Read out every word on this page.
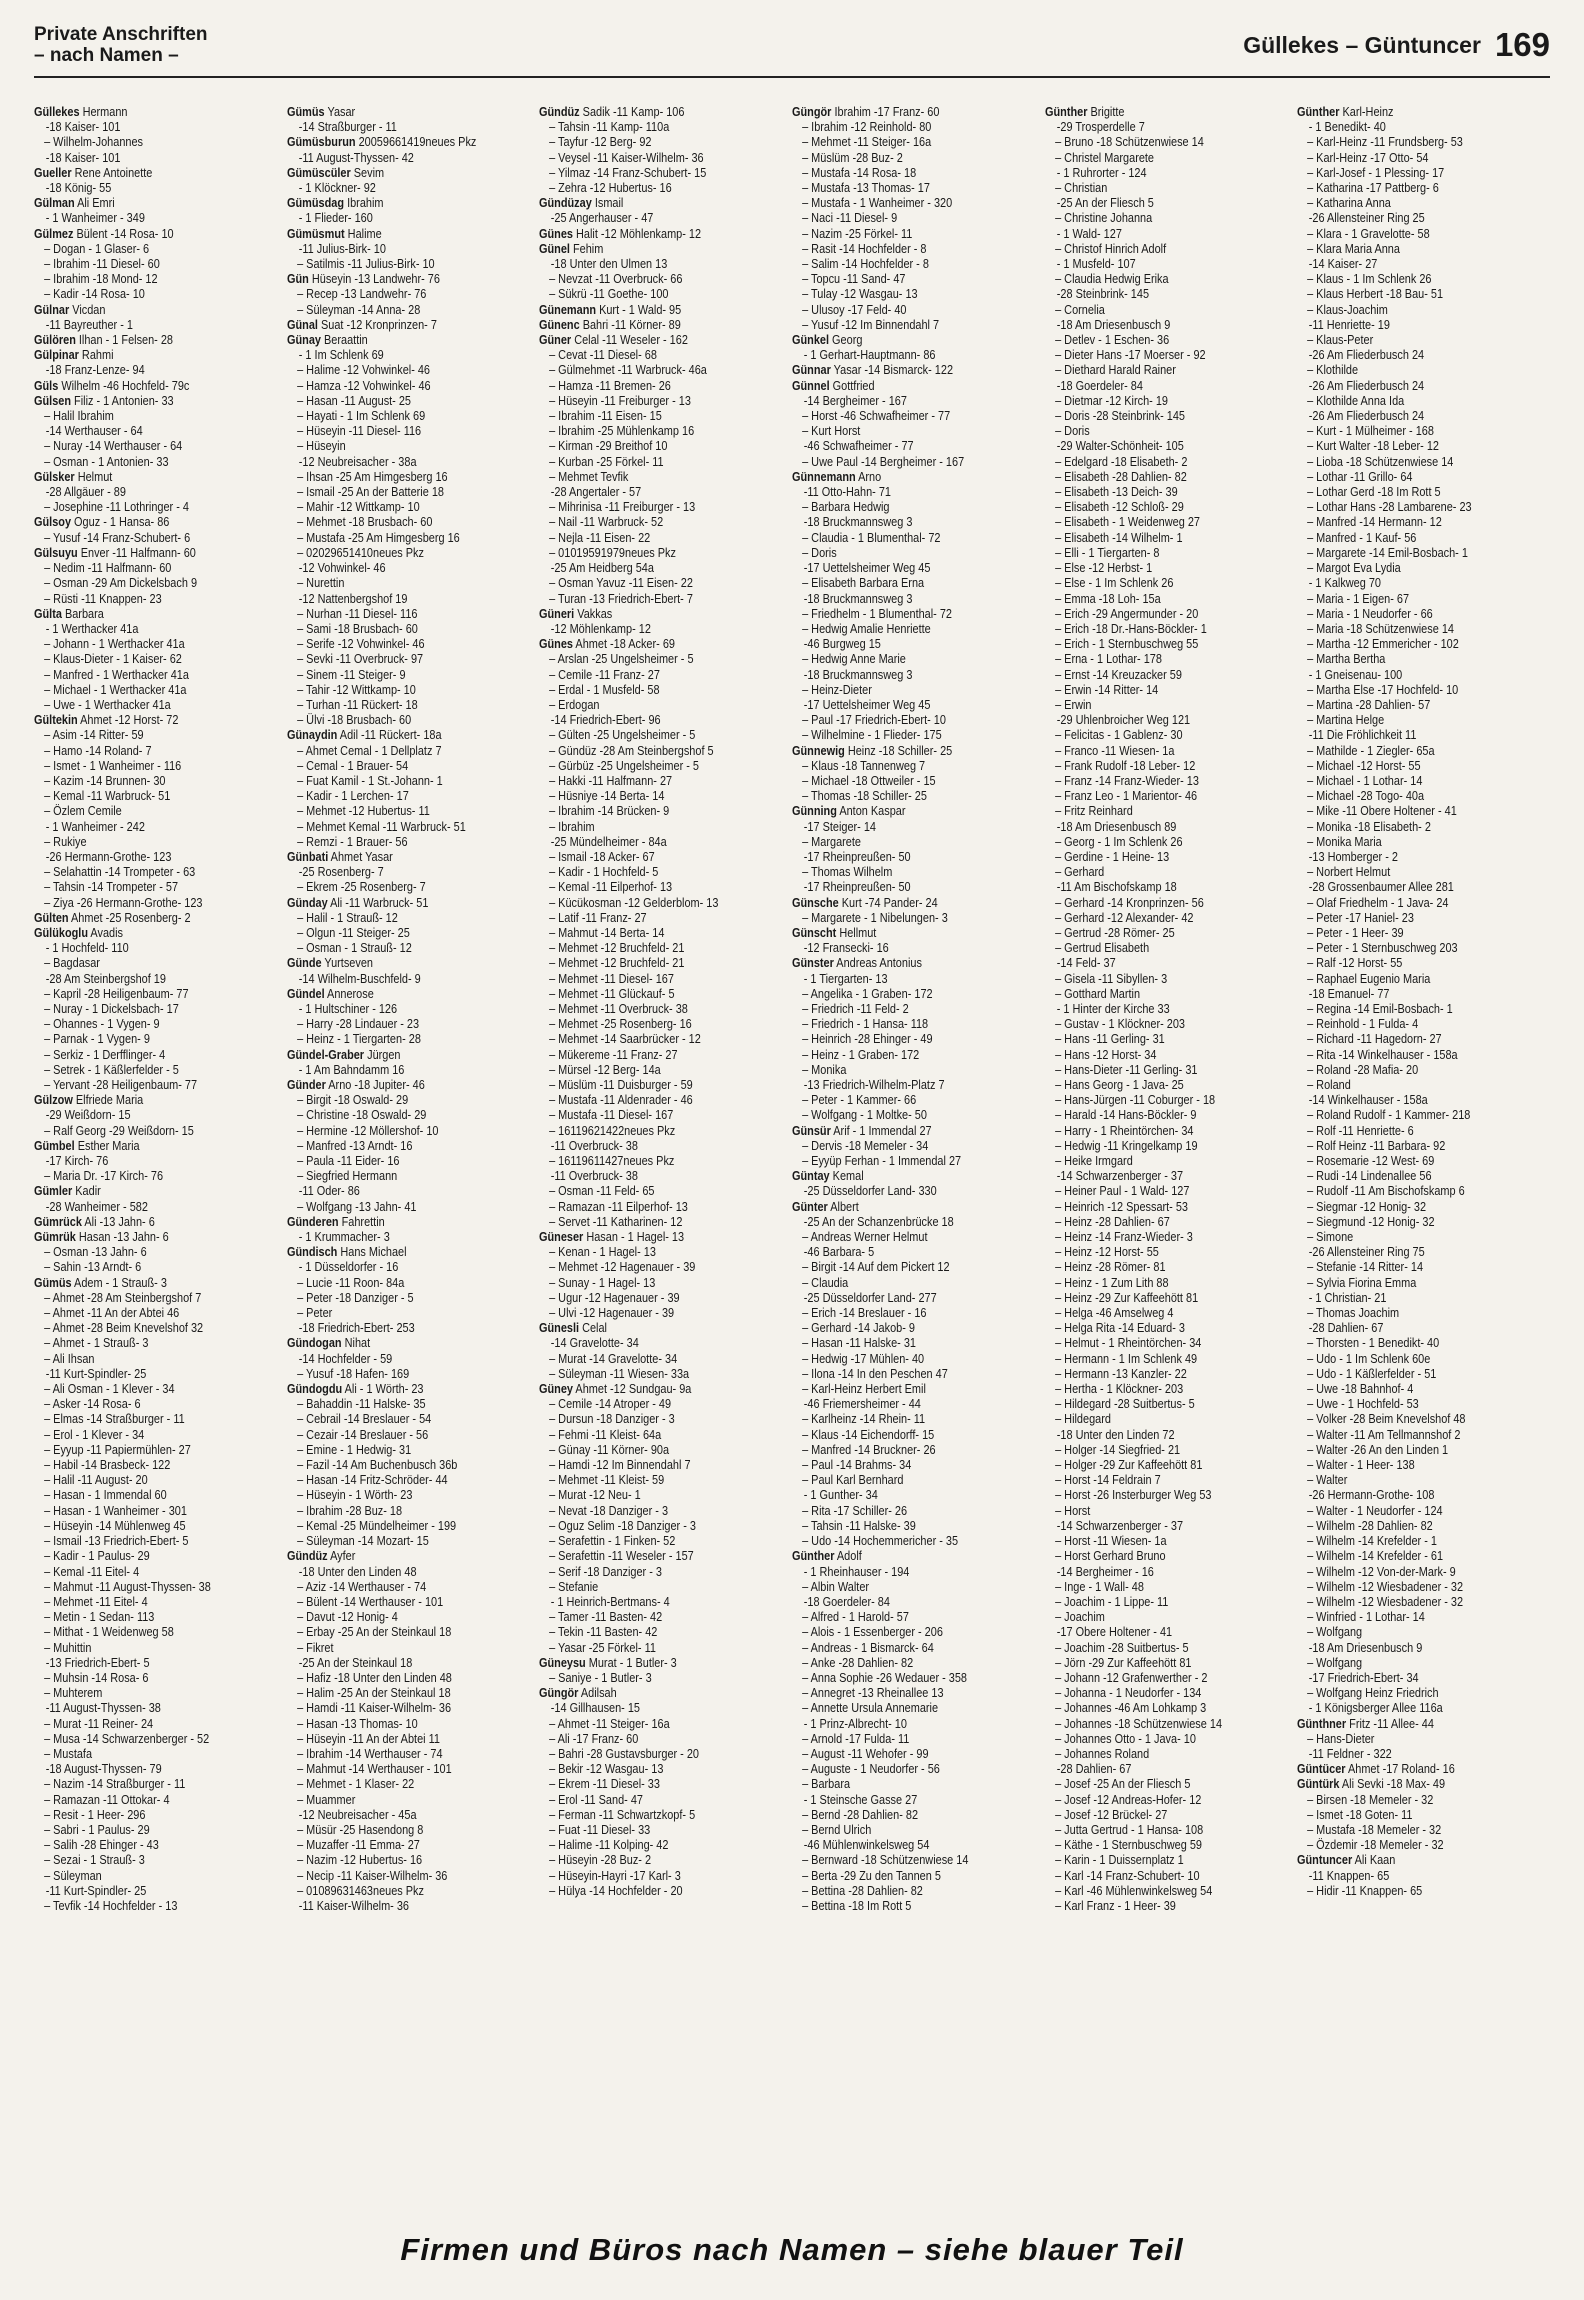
Private Anschriften
– nach Namen –	Güllekes – Güntuncer 169
Güllekes Hermann
-18 Kaiser- 101
– Wilhelm-Johannes
-18 Kaiser- 101
Gueller Rene Antoinette
-18 König- 55
Gülman Ali Emri
- 1 Wanheimer - 349
Gülmez Bülent -14 Rosa- 10
– Dogan - 1 Glaser- 6
– Ibrahim -11 Diesel- 60
– Ibrahim -18 Mond- 12
– Kadir -14 Rosa- 10
Gülnar Vicdan
-11 Bayreuther - 1
Gülören Ilhan - 1 Felsen- 28
Gülpinar Rahmi
-18 Franz-Lenze- 94
Güls Wilhelm -46 Hochfeld- 79c
Gülsen Filiz - 1 Antonien- 33
– Halil Ibrahim
-14 Werthauser - 64
– Nuray -14 Werthauser - 64
– Osman - 1 Antonien- 33
Gülsker Helmut
-28 Allgäuer - 89
– Josephine -11 Lothringer - 4
Gülsoy Oguz - 1 Hansa- 86
– Yusuf -14 Franz-Schubert- 6
Gülsuyu Enver -11 Halfmann- 60
– Nedim -11 Halfmann- 60
– Osman -29 Am Dickelsbach 9
– Rüsti -11 Knappen- 23
Gülta Barbara
- 1 Werthacker 41a
– Johann - 1 Werthacker 41a
– Klaus-Dieter - 1 Kaiser- 62
– Manfred - 1 Werthacker 41a
– Michael - 1 Werthacker 41a
– Uwe - 1 Werthacker 41a
Gültekin Ahmet -12 Horst- 72
– Asim -14 Ritter- 59
– Hamo -14 Roland- 7
– Ismet - 1 Wanheimer - 116
– Kazim -14 Brunnen- 30
– Kemal -11 Warbruck- 51
– Özlem Cemile
- 1 Wanheimer - 242
– Rukiye
-26 Hermann-Grothe- 123
– Selahattin -14 Trompeter - 63
– Tahsin -14 Trompeter - 57
– Ziya -26 Hermann-Grothe- 123
Gülten Ahmet -25 Rosenberg- 2
Gülükoglu Avadis
- 1 Hochfeld- 110
– Bagdasar
-28 Am Steinbergshof 19
– Kapril -28 Heiligenbaum- 77
– Nuray - 1 Dickelsbach- 17
– Ohannes - 1 Vygen- 9
– Parnak - 1 Vygen- 9
– Serkiz - 1 Derfflinger- 4
– Setrek - 1 Käßlerfelder - 5
– Yervant -28 Heiligenbaum- 77
Gülzow Elfriede Maria
-29 Weißdorn- 15
– Ralf Georg -29 Weißdorn- 15
Gümbel Esther Maria
-17 Kirch- 76
– Maria Dr. -17 Kirch- 76
Gümler Kadir
-28 Wanheimer - 582
Gümrück Ali -13 Jahn- 6
Gümrük Hasan -13 Jahn- 6
– Osman -13 Jahn- 6
– Sahin -13 Arndt- 6
Gümüs Adem - 1 Strauß- 3
– Ahmet -28 Am Steinbergshof 7
– Ahmet -11 An der Abtei 46
– Ahmet -28 Beim Knevelshof 32
– Ahmet - 1 Strauß- 3
– Ali Ihsan
-11 Kurt-Spindler- 25
– Ali Osman - 1 Klever - 34
– Asker -14 Rosa- 6
– Elmas -14 Straßburger - 11
– Erol - 1 Klever - 34
– Eyyup -11 Papiermühlen- 27
– Habil -14 Brasbeck- 122
– Halil -11 August- 20
– Hasan - 1 Immendal 60
– Hasan - 1 Wanheimer - 301
– Hüseyin -14 Mühlenweg 45
– Ismail -13 Friedrich-Ebert- 5
– Kadir - 1 Paulus- 29
– Kemal -11 Eitel- 4
– Mahmut -11 August-Thyssen- 38
– Mehmet -11 Eitel- 4
– Metin - 1 Sedan- 113
– Mithat - 1 Weidenweg 58
– Muhittin
-13 Friedrich-Ebert- 5
– Muhsin -14 Rosa- 6
– Muhterem
-11 August-Thyssen- 38
– Murat -11 Reiner- 24
– Musa -14 Schwarzenberger - 52
– Mustafa
-18 August-Thyssen- 79
– Nazim -14 Straßburger - 11
– Ramazan -11 Ottokar- 4
– Resit - 1 Heer- 296
– Sabri - 1 Paulus- 29
– Salih -28 Ehinger - 43
– Sezai - 1 Strauß- 3
– Süleyman
-11 Kurt-Spindler- 25
– Tevfik -14 Hochfelder - 13
Gümüs Yasar
-14 Straßburger - 11
Gümüsburun 20059661419neues Pkz
-11 August-Thyssen- 42
Gümüscüler Sevim
- 1 Klöckner- 92
Gümüsdag Ibrahim
- 1 Flieder- 160
Gümüsmut Halime
-11 Julius-Birk- 10
– Satilmis -11 Julius-Birk- 10
Gün Hüseyin -13 Landwehr- 76
– Recep -13 Landwehr- 76
– Süleyman -14 Anna- 28
Günal Suat -12 Kronprinzen- 7
Günay Beraattin
- 1 Im Schlenk 69
– Halime -12 Vohwinkel- 46
– Hamza -12 Vohwinkel- 46
– Hasan -11 August- 25
– Hayati - 1 Im Schlenk 69
– Hüseyin -11 Diesel- 116
– Hüseyin
-12 Neubreisacher - 38a
– Ihsan -25 Am Himgesberg 16
– Ismail -25 An der Batterie 18
– Mahir -12 Wittkamp- 10
– Mehmet -18 Brusbach- 60
– Mustafa -25 Am Himgesberg 16
– 02029651410neues Pkz
-12 Vohwinkel- 46
– Nurettin
-12 Nattenbergshof 19
– Nurhan -11 Diesel- 116
– Sami -18 Brusbach- 60
– Serife -12 Vohwinkel- 46
– Sevki -11 Overbruck- 97
– Sinem -11 Steiger- 9
– Tahir -12 Wittkamp- 10
– Turhan -11 Rückert- 18
– Ülvi -18 Brusbach- 60
Günaydin Adil -11 Rückert- 18a
– Ahmet Cemal - 1 Dellplatz 7
– Cemal - 1 Brauer- 54
– Fuat Kamil - 1 St.-Johann- 1
– Kadir - 1 Lerchen- 17
– Mehmet -12 Hubertus- 11
– Mehmet Kemal -11 Warbruck- 51
– Remzi - 1 Brauer- 56
Günbati Ahmet Yasar
-25 Rosenberg- 7
– Ekrem -25 Rosenberg- 7
Günday Ali -11 Warbruck- 51
– Halil - 1 Strauß- 12
– Olgun -11 Steiger- 25
– Osman - 1 Strauß- 12
Günde Yurtseven
-14 Wilhelm-Buschfeld- 9
Gündel Annerose
- 1 Hultschiner - 126
– Harry -28 Lindauer - 23
– Heinz - 1 Tiergarten- 28
Gündel-Graber Jürgen
- 1 Am Bahndamm 16
Günder Arno -18 Jupiter- 46
– Birgit -18 Oswald- 29
– Christine -18 Oswald- 29
– Hermine -12 Möllershof- 10
– Manfred -13 Arndt- 16
– Paula -11 Eider- 16
– Siegfried Hermann
-11 Oder- 86
– Wolfgang -13 Jahn- 41
Günderen Fahrettin
- 1 Krummacher- 3
Gündisch Hans Michael
- 1 Düsseldorfer - 16
– Lucie -11 Roon- 84a
– Peter -18 Danziger - 5
– Peter
-18 Friedrich-Ebert- 253
Gündogan Nihat
-14 Hochfelder - 59
– Yusuf -18 Hafen- 169
Gündogdu Ali - 1 Wörth- 23
– Bahaddin -11 Halske- 35
– Cebrail -14 Breslauer - 54
– Cezair -14 Breslauer - 56
– Emine - 1 Hedwig- 31
– Fazil -14 Am Buchenbusch 36b
– Hasan -14 Fritz-Schröder- 44
– Hüseyin - 1 Wörth- 23
– Ibrahim -28 Buz- 18
– Kemal -25 Mündelheimer - 199
– Süleyman -14 Mozart- 15
Gündüz Ayfer
-18 Unter den Linden 48
– Aziz -14 Werthauser - 74
– Bülent -14 Werthauser - 101
– Davut -12 Honig- 4
– Erbay -25 An der Steinkaul 18
– Fikret
-25 An der Steinkaul 18
– Hafiz -18 Unter den Linden 48
– Halim -25 An der Steinkaul 18
– Hamdi -11 Kaiser-Wilhelm- 36
– Hasan -13 Thomas- 10
– Hüseyin -11 An der Abtei 11
– Ibrahim -14 Werthauser - 74
– Mahmut -14 Werthauser - 101
– Mehmet - 1 Klaser- 22
– Muammer
-12 Neubreisacher - 45a
– Müsür -25 Hasendong 8
– Muzaffer -11 Emma- 27
– Nazim -12 Hubertus- 16
– Necip -11 Kaiser-Wilhelm- 36
– 01089631463neues Pkz
-11 Kaiser-Wilhelm- 36
Gündüz Sadik -11 Kamp- 106
– Tahsin -11 Kamp- 110a
– Tayfur -12 Berg- 92
– Veysel -11 Kaiser-Wilhelm- 36
– Yilmaz -14 Franz-Schubert- 15
– Zehra -12 Hubertus- 16
Gündüzay Ismail
-25 Angerhauser - 47
Günes Halit -12 Möhlenkamp- 12
Günel Fehim
-18 Unter den Ulmen 13
– Nevzat -11 Overbruck- 66
– Sükrü -11 Goethe- 100
Günemann Kurt - 1 Wald- 95
Günenc Bahri -11 Körner- 89
Güner Celal -11 Weseler - 162
– Cevat -11 Diesel- 68
– Gülmehmet -11 Warbruck- 46a
– Hamza -11 Bremen- 26
– Hüseyin -11 Freiburger - 13
– Ibrahim -11 Eisen- 15
– Ibrahim -25 Mühlenkamp 16
– Kirman -29 Breithof 10
– Kurban -25 Förkel- 11
– Mehmet Tevfik
-28 Angertaler - 57
– Mihrinisa -11 Freiburger - 13
– Nail -11 Warbruck- 52
– Nejla -11 Eisen- 22
– 01019591979neues Pkz
-25 Am Heidberg 54a
– Osman Yavuz -11 Eisen- 22
– Turan -13 Friedrich-Ebert- 7
Güneri Vakkas
-12 Möhlenkamp- 12
Günes Ahmet -18 Acker- 69
– Arslan -25 Ungelsheimer - 5
– Cemile -11 Franz- 27
– Erdal - 1 Musfeld- 58
– Erdogan
-14 Friedrich-Ebert- 96
– Gülten -25 Ungelsheimer - 5
– Gündüz -28 Am Steinbergshof 5
– Gürbüz -25 Ungelsheimer - 5
– Hakki -11 Halfmann- 27
– Hüsniye -14 Berta- 14
– Ibrahim -14 Brücken- 9
– Ibrahim
-25 Mündelheimer - 84a
– Ismail -18 Acker- 67
– Kadir - 1 Hochfeld- 5
– Kemal -11 Eilperhof- 13
– Kücükosman -12 Gelderblom- 13
– Latif -11 Franz- 27
– Mahmut -14 Berta- 14
– Mehmet -12 Bruchfeld- 21
– Mehmet -12 Bruchfeld- 21
– Mehmet -11 Diesel- 167
– Mehmet -11 Glückauf- 5
– Mehmet -11 Overbruck- 38
– Mehmet -25 Rosenberg- 16
– Mehmet -14 Saarbrücker - 12
– Mükereme -11 Franz- 27
– Mürsel -12 Berg- 14a
– Müslüm -11 Duisburger - 59
– Mustafa -11 Aldenrader - 46
– Mustafa -11 Diesel- 167
– 16119621422neues Pkz
-11 Overbruck- 38
– 16119611427neues Pkz
-11 Overbruck- 38
– Osman -11 Feld- 65
– Ramazan -11 Eilperhof- 13
– Servet -11 Katharinen- 12
Güneser Hasan - 1 Hagel- 13
– Kenan - 1 Hagel- 13
– Mehmet -12 Hagenauer - 39
– Sunay - 1 Hagel- 13
– Ugur -12 Hagenauer - 39
– Ulvi -12 Hagenauer - 39
Günesli Celal
-14 Gravelotte- 34
– Murat -14 Gravelotte- 34
– Süleyman -11 Wiesen- 33a
Güney Ahmet -12 Sundgau- 9a
– Cemile -14 Atroper - 49
– Dursun -18 Danziger - 3
– Fehmi -11 Kleist- 64a
– Günay -11 Körner- 90a
– Hamdi -12 Im Binnendahl 7
– Mehmet -11 Kleist- 59
– Murat -12 Neu- 1
– Nevat -18 Danziger - 3
– Oguz Selim -18 Danziger - 3
– Serafettin - 1 Finken- 52
– Serafettin -11 Weseler - 157
– Serif -18 Danziger - 3
– Stefanie
- 1 Heinrich-Bertmans- 4
– Tamer -11 Basten- 42
– Tekin -11 Basten- 42
– Yasar -25 Förkel- 11
Güneysu Murat - 1 Butler- 3
– Saniye - 1 Butler- 3
Güngör Adilsah
-14 Gillhausen- 15
– Ahmet -11 Steiger- 16a
– Ali -17 Franz- 60
– Bahri -28 Gustavsburger - 20
– Bekir -12 Wasgau- 13
– Ekrem -11 Diesel- 33
– Erol -11 Sand- 47
– Ferman -11 Schwartzkopf- 5
– Fuat -11 Diesel- 33
– Halime -11 Kolping- 42
– Hüseyin -28 Buz- 2
– Hüseyin-Hayri -17 Karl- 3
– Hülya -14 Hochfelder - 20
Güngör Ibrahim -17 Franz- 60
– Ibrahim -12 Reinhold- 80
– Mehmet -11 Steiger- 16a
– Müslüm -28 Buz- 2
– Mustafa -14 Rosa- 18
– Mustafa -13 Thomas- 17
– Mustafa - 1 Wanheimer - 320
– Naci -11 Diesel- 9
– Nazim -25 Förkel- 11
– Rasit -14 Hochfelder - 8
– Salim -14 Hochfelder - 8
– Topcu -11 Sand- 47
– Tulay -12 Wasgau- 13
– Ulusoy -17 Feld- 40
– Yusuf -12 Im Binnendahl 7
Günkel Georg
- 1 Gerhart-Hauptmann- 86
Günnar Yasar -14 Bismarck- 122
Günnel Gottfried
-14 Bergheimer - 167
– Horst -46 Schwafheimer - 77
– Kurt Horst
-46 Schwafheimer - 77
– Uwe Paul -14 Bergheimer - 167
Günnemann Arno
-11 Otto-Hahn- 71
– Barbara Hedwig
-18 Bruckmannsweg 3
– Claudia - 1 Blumenthal- 72
– Doris
-17 Uettelsheimer Weg 45
– Elisabeth Barbara Erna
-18 Bruckmannsweg 3
– Friedhelm - 1 Blumenthal- 72
– Hedwig Amalie Henriette
-46 Burgweg 15
– Hedwig Anne Marie
-18 Bruckmannsweg 3
– Heinz-Dieter
-17 Uettelsheimer Weg 45
– Paul -17 Friedrich-Ebert- 10
– Wilhelmine - 1 Flieder- 175
Günnewig Heinz -18 Schiller- 25
– Klaus -18 Tannenweg 7
– Michael -18 Ottweiler - 15
– Thomas -18 Schiller- 25
Günning Anton Kaspar
-17 Steiger- 14
– Margarete
-17 Rheinpreußen- 50
– Thomas Wilhelm
-17 Rheinpreußen- 50
Günsche Kurt -74 Pander- 24
– Margarete - 1 Nibelungen- 3
Günscht Hellmut
-12 Fransecki- 16
Günster Andreas Antonius
- 1 Tiergarten- 13
– Angelika - 1 Graben- 172
– Friedrich -11 Feld- 2
– Friedrich - 1 Hansa- 118
– Heinrich -28 Ehinger - 49
– Heinz - 1 Graben- 172
– Monika
-13 Friedrich-Wilhelm-Platz 7
– Peter - 1 Kammer- 66
– Wolfgang - 1 Moltke- 50
Günsür Arif - 1 Immendal 27
– Dervis -18 Memeler - 34
– Eyyüp Ferhan - 1 Immendal 27
Güntay Kemal
-25 Düsseldorfer Land- 330
Günter Albert
-25 An der Schanzenbrücke 18
– Andreas Werner Helmut
-46 Barbara- 5
– Birgit -14 Auf dem Pickert 12
– Claudia
-25 Düsseldorfer Land- 277
– Erich -14 Breslauer - 16
– Gerhard -14 Jakob- 9
– Hasan -11 Halske- 31
– Hedwig -17 Mühlen- 40
– Ilona -14 In den Peschen 47
– Karl-Heinz Herbert Emil
-46 Friemersheimer - 44
– Karlheinz -14 Rhein- 11
– Klaus -14 Eichendorff- 15
– Manfred -14 Bruckner- 26
– Paul -14 Brahms- 34
– Paul Karl Bernhard
- 1 Gunther- 34
– Rita -17 Schiller- 26
– Tahsin -11 Halske- 39
– Udo -14 Hochemmericher - 35
Günther Adolf
- 1 Rheinhauser - 194
– Albin Walter
-18 Goerdeler- 84
– Alfred - 1 Harold- 57
– Alois - 1 Essenberger - 206
– Andreas - 1 Bismarck- 64
– Anke -28 Dahlien- 82
– Anna Sophie -26 Wedauer - 358
– Annegret -13 Rheinallee 13
– Annette Ursula Annemarie
- 1 Prinz-Albrecht- 10
– Arnold -17 Fulda- 11
– August -11 Wehofer - 99
– Auguste - 1 Neudorfer - 56
– Barbara
- 1 Steinsche Gasse 27
– Bernd -28 Dahlien- 82
– Bernd Ulrich
-46 Mühlenwinkelsweg 54
– Bernward -18 Schützenwiese 14
– Berta -29 Zu den Tannen 5
– Bettina -28 Dahlien- 82
– Bettina -18 Im Rott 5
Günther Brigitte
-29 Trosperdelle 7
– Bruno -18 Schützenwiese 14
– Christel Margarete
- 1 Ruhrorter - 124
– Christian
-25 An der Fliesch 5
– Christine Johanna
- 1 Wald- 127
– Christof Hinrich Adolf
- 1 Musfeld- 107
– Claudia Hedwig Erika
-28 Steinbrink- 145
– Cornelia
-18 Am Driesenbusch 9
– Detlev - 1 Eschen- 36
– Dieter Hans -17 Moerser - 92
– Diethard Harald Rainer
-18 Goerdeler- 84
– Dietmar -12 Kirch- 19
– Doris -28 Steinbrink- 145
– Doris
-29 Walter-Schönheit- 105
– Edelgard -18 Elisabeth- 2
– Elisabeth -28 Dahlien- 82
– Elisabeth -13 Deich- 39
– Elisabeth -12 Schloß- 29
– Elisabeth - 1 Weidenweg 27
– Elisabeth -14 Wilhelm- 1
– Elli - 1 Tiergarten- 8
– Else -12 Herbst- 1
– Else - 1 Im Schlenk 26
– Emma -18 Loh- 15a
– Erich -29 Angermunder - 20
– Erich -18 Dr.-Hans-Böckler- 1
– Erich - 1 Sternbuschweg 55
– Erna - 1 Lothar- 178
– Ernst -14 Kreuzacker 59
– Erwin -14 Ritter- 14
– Erwin
-29 Uhlenbroicher Weg 121
– Felicitas - 1 Gablenz- 30
– Franco -11 Wiesen- 1a
– Frank Rudolf -18 Leber- 12
– Franz -14 Franz-Wieder- 13
– Franz Leo - 1 Marientor- 46
– Fritz Reinhard
-18 Am Driesenbusch 89
– Georg - 1 Im Schlenk 26
– Gerdine - 1 Heine- 13
– Gerhard
-11 Am Bischofskamp 18
– Gerhard -14 Kronprinzen- 56
– Gerhard -12 Alexander- 42
– Gertrud -28 Römer- 25
– Gertrud Elisabeth
-14 Feld- 37
– Gisela -11 Sibyllen- 3
– Gotthard Martin
- 1 Hinter der Kirche 33
– Gustav - 1 Klöckner- 203
– Hans -11 Gerling- 31
– Hans -12 Horst- 34
– Hans-Dieter -11 Gerling- 31
– Hans Georg - 1 Java- 25
– Hans-Jürgen -11 Coburger - 18
– Harald -14 Hans-Böckler- 9
– Harry - 1 Rheintörchen- 34
– Hedwig -11 Kringelkamp 19
– Heike Irmgard
-14 Schwarzenberger - 37
– Heiner Paul - 1 Wald- 127
– Heinrich -12 Spessart- 53
– Heinz -28 Dahlien- 67
– Heinz -14 Franz-Wieder- 3
– Heinz -12 Horst- 55
– Heinz -28 Römer- 81
– Heinz - 1 Zum Lith 88
– Heinz -29 Zur Kaffeehött 81
– Helga -46 Amselweg 4
– Helga Rita -14 Eduard- 3
– Helmut - 1 Rheintörchen- 34
– Hermann - 1 Im Schlenk 49
– Hermann -13 Kanzler- 22
– Hertha - 1 Klöckner- 203
– Hildegard -28 Suitbertus- 5
– Hildegard
-18 Unter den Linden 72
– Holger -14 Siegfried- 21
– Holger -29 Zur Kaffeehött 81
– Horst -14 Feldrain 7
– Horst -26 Insterburger Weg 53
– Horst
-14 Schwarzenberger - 37
– Horst -11 Wiesen- 1a
– Horst Gerhard Bruno
-14 Bergheimer - 16
– Inge - 1 Wall- 48
– Joachim - 1 Lippe- 11
– Joachim
-17 Obere Holtener - 41
– Joachim -28 Suitbertus- 5
– Jörn -29 Zur Kaffeehött 81
– Johann -12 Grafenwerther - 2
– Johanna - 1 Neudorfer - 134
– Johannes -46 Am Lohkamp 3
– Johannes -18 Schützenwiese 14
– Johannes Otto - 1 Java- 10
– Johannes Roland
-28 Dahlien- 67
– Josef -25 An der Fliesch 5
– Josef -12 Andreas-Hofer- 12
– Josef -12 Brückel- 27
– Jutta Gertrud - 1 Hansa- 108
– Käthe - 1 Sternbuschweg 59
– Karin - 1 Duissernplatz 1
– Karl -14 Franz-Schubert- 10
– Karl -46 Mühlenwinkelsweg 54
– Karl Franz - 1 Heer- 39
Günther Karl-Heinz
- 1 Benedikt- 40
– Karl-Heinz -11 Frundsberg- 53
– Karl-Heinz -17 Otto- 54
– Karl-Josef - 1 Plessing- 17
– Katharina -17 Pattberg- 6
– Katharina Anna
-26 Allensteiner Ring 25
– Klara - 1 Gravelotte- 58
– Klara Maria Anna
-14 Kaiser- 27
– Klaus - 1 Im Schlenk 26
– Klaus Herbert -18 Bau- 51
– Klaus-Joachim
-11 Henriette- 19
– Klaus-Peter
-26 Am Fliederbusch 24
– Klothilde
-26 Am Fliederbusch 24
– Klothilde Anna Ida
-26 Am Fliederbusch 24
– Kurt - 1 Mülheimer - 168
– Kurt Walter -18 Leber- 12
– Lioba -18 Schützenwiese 14
– Lothar -11 Grillo- 64
– Lothar Gerd -18 Im Rott 5
– Lothar Hans -28 Lambarene- 23
– Manfred -14 Hermann- 12
– Manfred - 1 Kauf- 56
– Margarete -14 Emil-Bosbach- 1
– Margot Eva Lydia
- 1 Kalkweg 70
– Maria - 1 Eigen- 67
– Maria - 1 Neudorfer - 66
– Maria -18 Schützenwiese 14
– Martha -12 Emmericher - 102
– Martha Bertha
- 1 Gneisenau- 100
– Martha Else -17 Hochfeld- 10
– Martina -28 Dahlien- 57
– Martina Helge
-11 Die Fröhlichkeit 11
– Mathilde - 1 Ziegler- 65a
– Michael -12 Horst- 55
– Michael - 1 Lothar- 14
– Michael -28 Togo- 40a
– Mike -11 Obere Holtener - 41
– Monika -18 Elisabeth- 2
– Monika Maria
-13 Homberger - 2
– Norbert Helmut
-28 Grossenbaumer Allee 281
– Olaf Friedhelm - 1 Java- 24
– Peter -17 Haniel- 23
– Peter - 1 Heer- 39
– Peter - 1 Sternbuschweg 203
– Ralf -12 Horst- 55
– Raphael Eugenio Maria
-18 Emanuel- 77
– Regina -14 Emil-Bosbach- 1
– Reinhold - 1 Fulda- 4
– Richard -11 Hagedorn- 27
– Rita -14 Winkelhauser - 158a
– Roland -28 Mafia- 20
– Roland
-14 Winkelhauser - 158a
– Roland Rudolf - 1 Kammer- 218
– Rolf -11 Henriette- 6
– Rolf Heinz -11 Barbara- 92
– Rosemarie -12 West- 69
– Rudi -14 Lindenallee 56
– Rudolf -11 Am Bischofskamp 6
– Siegmar -12 Honig- 32
– Siegmund -12 Honig- 32
– Simone
-26 Allensteiner Ring 75
– Stefanie -14 Ritter- 14
– Sylvia Fiorina Emma
- 1 Christian- 21
– Thomas Joachim
-28 Dahlien- 67
– Thorsten - 1 Benedikt- 40
– Udo - 1 Im Schlenk 60e
– Udo - 1 Käßlerfelder - 51
– Uwe -18 Bahnhof- 4
– Uwe - 1 Hochfeld- 53
– Volker -28 Beim Knevelshof 48
– Walter -11 Am Tellmannshof 2
– Walter -26 An den Linden 1
– Walter - 1 Heer- 138
– Walter
-26 Hermann-Grothe- 108
– Walter - 1 Neudorfer - 124
– Wilhelm -28 Dahlien- 82
– Wilhelm -14 Krefelder - 1
– Wilhelm -14 Krefelder - 61
– Wilhelm -12 Von-der-Mark- 9
– Wilhelm -12 Wiesbadener - 32
– Wilhelm -12 Wiesbadener - 32
– Winfried - 1 Lothar- 14
– Wolfgang
-18 Am Driesenbusch 9
– Wolfgang
-17 Friedrich-Ebert- 34
– Wolfgang Heinz Friedrich
- 1 Königsberger Allee 116a
Günthner Fritz -11 Allee- 44
– Hans-Dieter
-11 Feldner - 322
Güntücer Ahmet -17 Roland- 16
Güntürk Ali Sevki -18 Max- 49
– Birsen -18 Memeler - 32
– Ismet -18 Goten- 11
– Mustafa -18 Memeler - 32
– Özdemir -18 Memeler - 32
Güntuncer Ali Kaan
-11 Knappen- 65
– Hidir -11 Knappen- 65
Firmen und Büros nach Namen – siehe blauer Teil
